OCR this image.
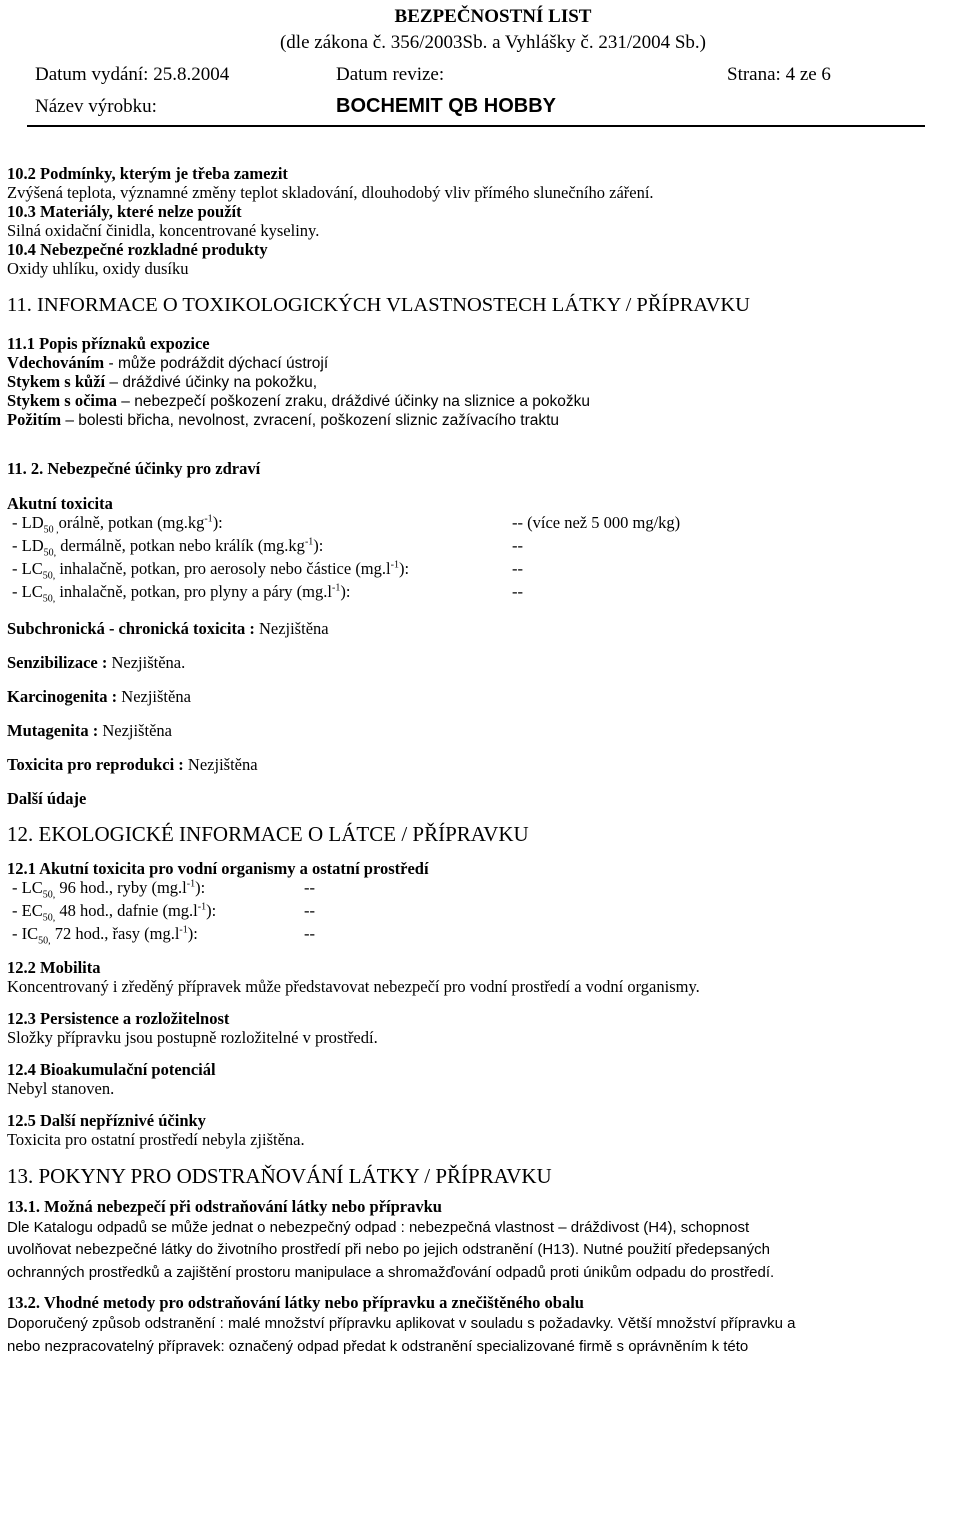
BEZPEČNOSTNÍ LIST
(dle zákona č. 356/2003Sb. a Vyhlášky č. 231/2004 Sb.)
Datum vydání: 25.8.2004	Datum revize:	Strana: 4 ze 6
Název výrobku:	BOCHEMIT QB HOBBY
10.2 Podmínky, kterým je třeba zamezit
Zvýšená teplota, významné změny teplot skladování, dlouhodobý vliv přímého slunečního záření.
10.3 Materiály, které nelze použít
Silná oxidační činidla, koncentrované kyseliny.
10.4 Nebezpečné rozkladné produkty
Oxidy uhlíku, oxidy dusíku
11. INFORMACE O TOXIKOLOGICKÝCH VLASTNOSTECH LÁTKY / PŘÍPRAVKU
11.1 Popis příznaků expozice
Vdechováním - může podráždit dýchací ústrojí
Stykem s kůží – dráždivé účinky na pokožku,
Stykem s očima – nebezpečí poškození zraku, dráždivé účinky na sliznice a pokožku
Požitím – bolesti břicha, nevolnost, zvracení, poškození sliznic zažívacího traktu
11. 2. Nebezpečné účinky pro zdraví
Akutní toxicita
- $LD_{50 ,}orá\ln ě$, potkan $(mg.kg^{-1})$:	-- (více než 5 000 mg/kg)
- $LD_{50,}$ dermálně, potkan nebo králík $(mg.kg^{-1})$:	--
- $LC_{50,}$ inhalačně, potkan, pro aerosoly nebo částice $(mg.l^{-1})$:	--
- $LC_{50,}$ inhalačně, potkan, pro plyny a páry $(mg.l^{-1})$:	--
Subchronická - chronická toxicita : Nezjištěna
Senzibilizace : Nezjištěna.
Karcinogenita : Nezjištěna
Mutagenita : Nezjištěna
Toxicita pro reprodukci : Nezjištěna
Další údaje
12. EKOLOGICKÉ INFORMACE O LÁTCE / PŘÍPRAVKU
12.1 Akutní toxicita pro vodní organismy a ostatní prostředí
- $LC_{50,}$ 96 hod., ryby $(mg.l^{-1})$:	--
- $EC_{50,}$ 48 hod., dafnie $(mg.l^{-1})$:	--
- $IC_{50,}$ 72 hod., řasy $(mg.l^{-1})$:	--
12.2 Mobilita
Koncentrovaný i zředěný přípravek může představovat nebezpečí pro vodní prostředí a vodní organismy.
12.3 Persistence a rozložitelnost
Složky přípravku jsou postupně rozložitelné v prostředí.
12.4 Bioakumulační potenciál
Nebyl stanoven.
12.5 Další nepříznivé účinky
Toxicita pro ostatní prostředí nebyla zjištěna.
13. POKYNY PRO ODSTRAŇOVÁNÍ LÁTKY / PŘÍPRAVKU
13.1. Možná nebezpečí při odstraňování látky nebo přípravku
Dle Katalogu odpadů se může jednat o nebezpečný odpad : nebezpečná vlastnost – dráždivost (H4), schopnost
uvolňovat nebezpečné látky do životního prostředí při nebo po jejich odstranění (H13). Nutné použití předepsaných
ochranných prostředků a zajištění prostoru manipulace a shromažďování odpadů proti únikům odpadu do prostředí.
13.2. Vhodné metody pro odstraňování látky nebo přípravku a znečištěného obalu
Doporučený způsob odstranění : malé množství přípravku aplikovat v souladu s požadavky. Větší množství přípravku a
nebo nezpracovatelný přípravek: označený odpad předat k odstranění specializované firmě s oprávněním k této
